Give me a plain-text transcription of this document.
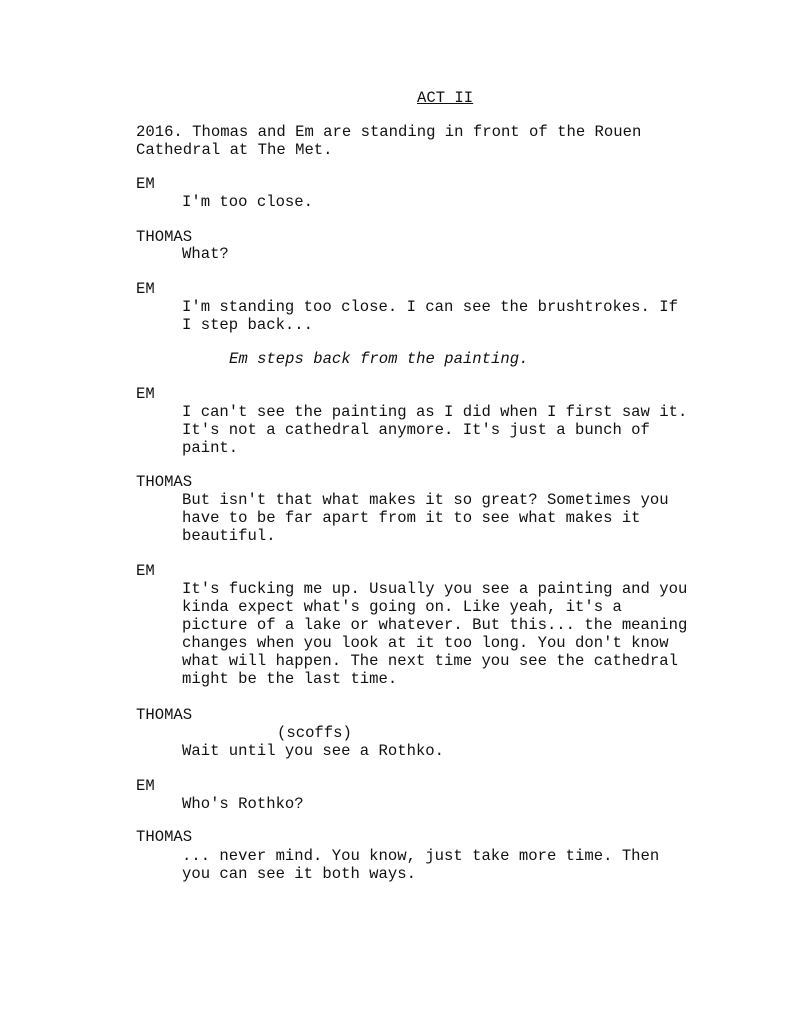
ACT II
2016. Thomas and Em are standing in front of the Rouen
Cathedral at The Met.
EM
I'm too close.
THOMAS
What?
EM
I'm standing too close. I can see the brushtrokes. If
I step back...
Em steps back from the painting.
EM
I can't see the painting as I did when I first saw it.
It's not a cathedral anymore. It's just a bunch of
paint.
THOMAS
But isn't that what makes it so great? Sometimes you
have to be far apart from it to see what makes it
beautiful.
EM
It's fucking me up. Usually you see a painting and you
kinda expect what's going on. Like yeah, it's a
picture of a lake or whatever. But this... the meaning
changes when you look at it too long. You don't know
what will happen. The next time you see the cathedral
might be the last time.
THOMAS
(scoffs)
Wait until you see a Rothko.
EM
Who's Rothko?
THOMAS
... never mind. You know, just take more time. Then
you can see it both ways.
